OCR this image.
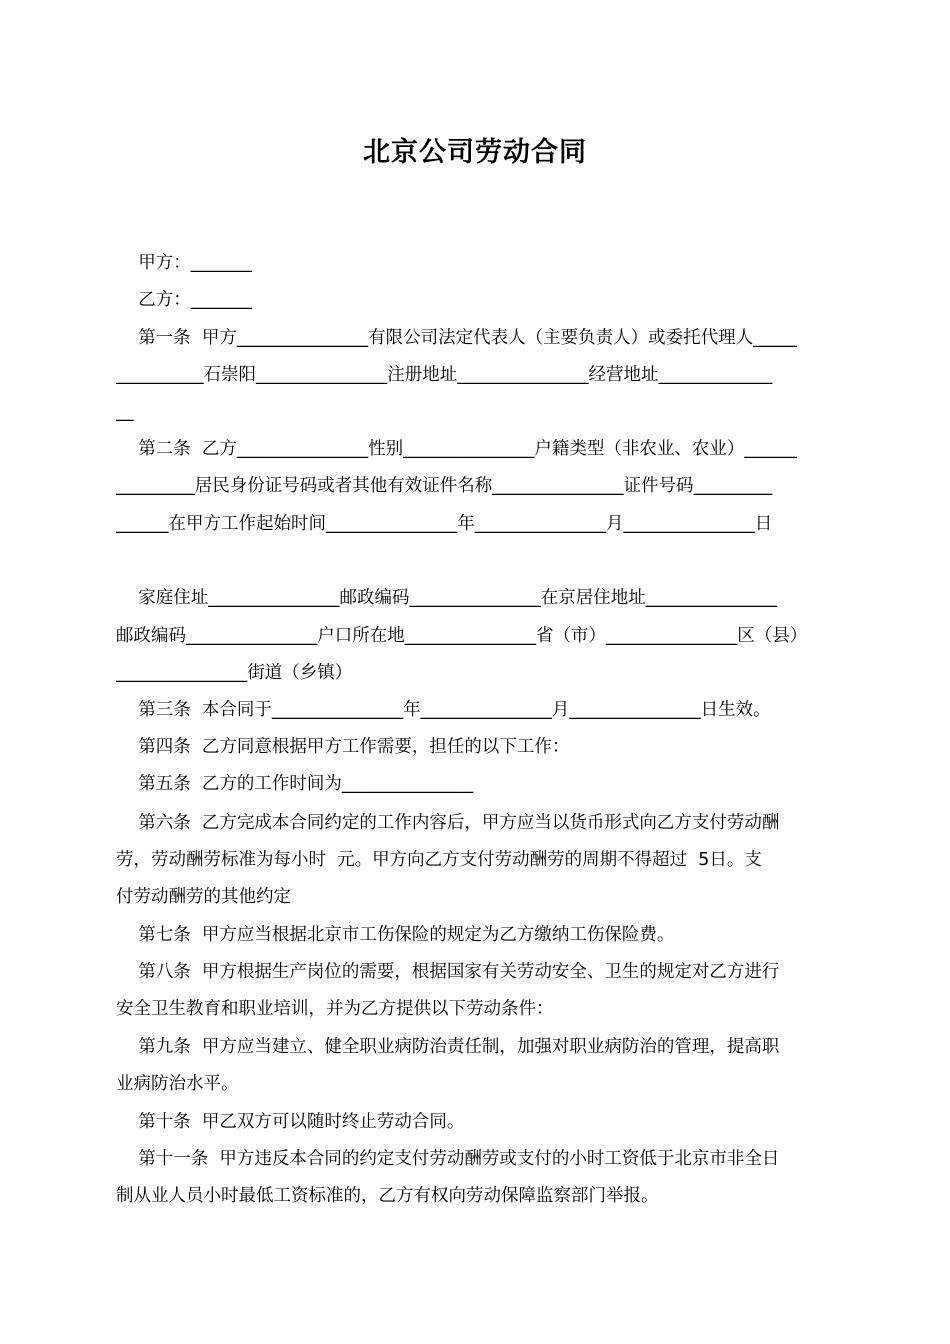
北京公司劳动合同
甲方：_______
乙方：_______
第一条  甲方_______________有限公司法定代表人（主要负责人）或委托代理人_____
__________石崇阳_______________注册地址_______________经营地址_____________
__
第二条  乙方_______________性别_______________户籍类型（非农业、农业）______
_________居民身份证号码或者其他有效证件名称_______________证件号码_________
______在甲方工作起始时间_______________年_______________月_______________日
家庭住址_______________邮政编码_______________在京居住地址_______________
邮政编码_______________户口所在地_______________省（市）_______________区（县）
_______________街道（乡镇）
第三条  本合同于_______________年_______________月_______________日生效。
第四条  乙方同意根据甲方工作需要，担任的以下工作：
第五条  乙方的工作时间为_______________
第六条  乙方完成本合同约定的工作内容后，甲方应当以货币形式向乙方支付劳动酬
劳，劳动酬劳标准为每小时  元。甲方向乙方支付劳动酬劳的周期不得超过  5日。支
付劳动酬劳的其他约定
第七条  甲方应当根据北京市工伤保险的规定为乙方缴纳工伤保险费。
第八条  甲方根据生产岗位的需要，根据国家有关劳动安全、卫生的规定对乙方进行
安全卫生教育和职业培训，并为乙方提供以下劳动条件：
第九条  甲方应当建立、健全职业病防治责任制，加强对职业病防治的管理，提高职
业病防治水平。
第十条  甲乙双方可以随时终止劳动合同。
第十一条  甲方违反本合同的约定支付劳动酬劳或支付的小时工资低于北京市非全日
制从业人员小时最低工资标准的，乙方有权向劳动保障监察部门举报。
